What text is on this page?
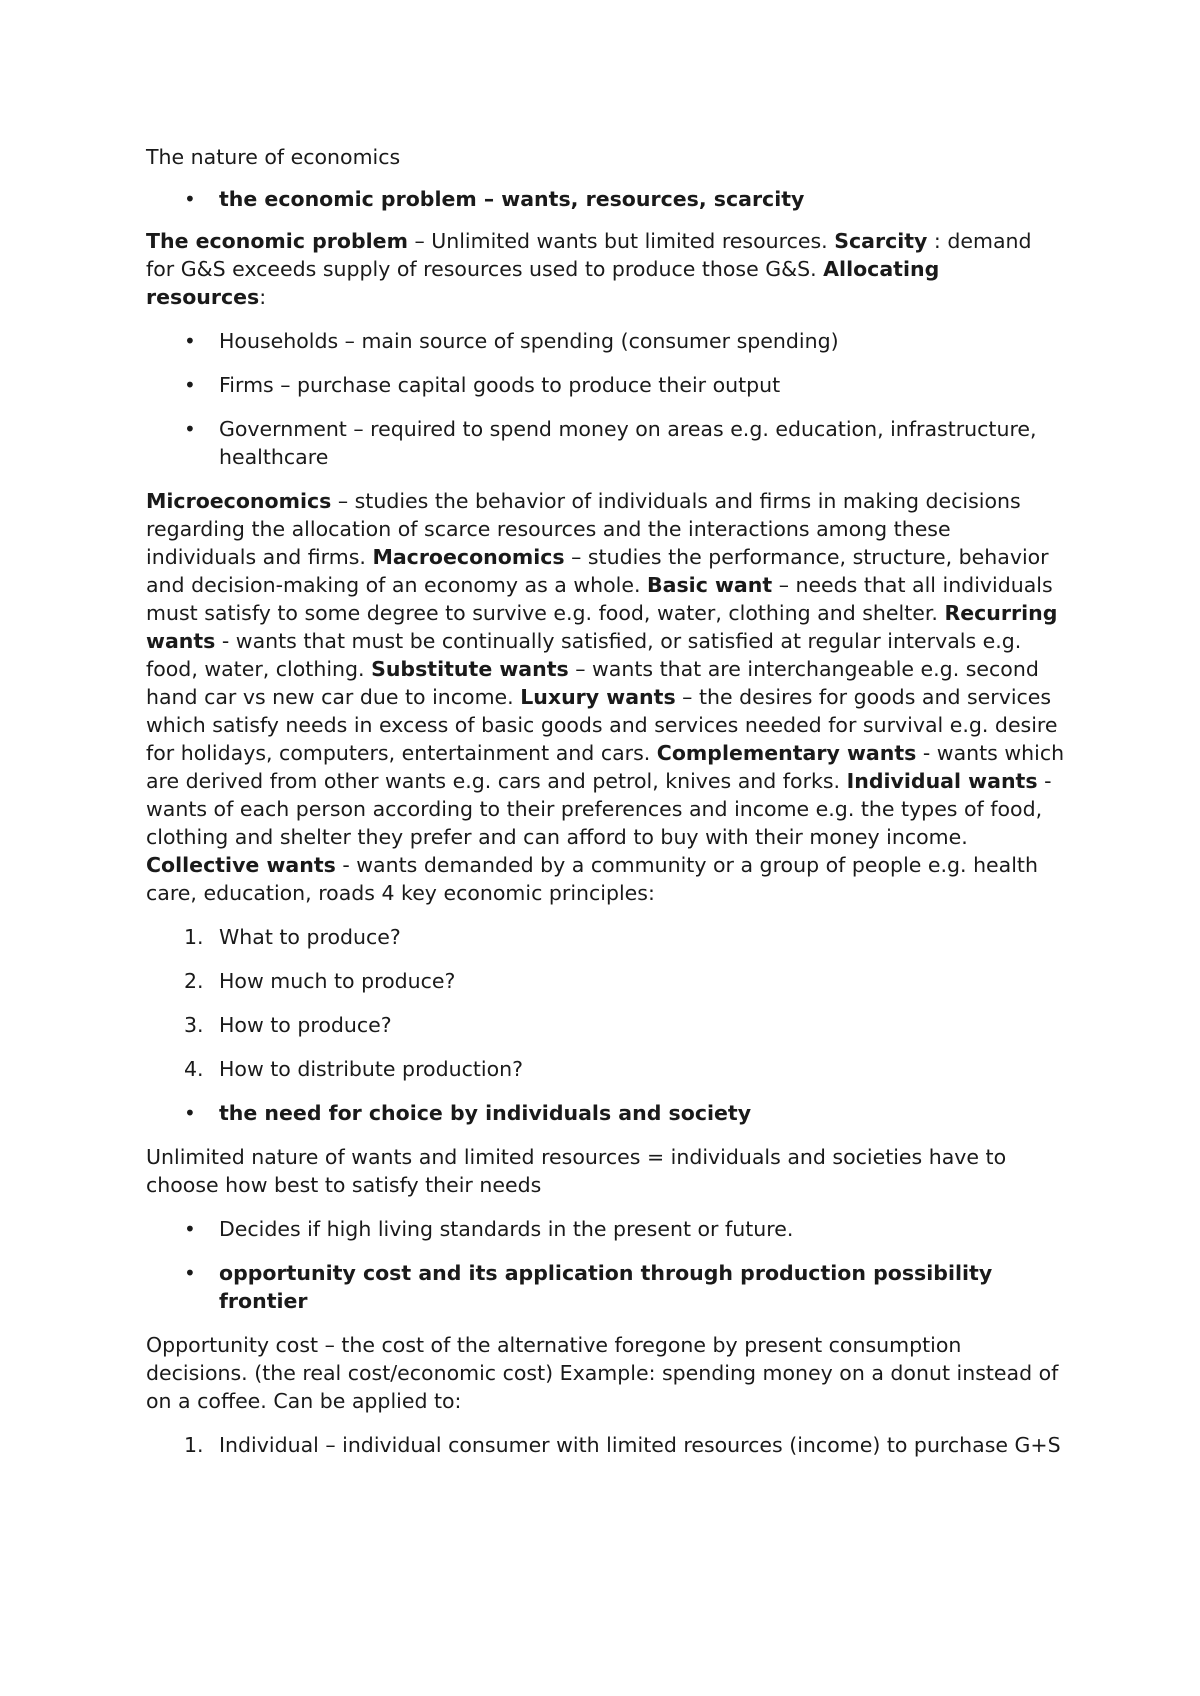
The nature of economics

• the economic problem – wants, resources, scarcity

The economic problem – Unlimited wants but limited resources. Scarcity : demand for G&S exceeds supply of resources used to produce those G&S. Allocating resources:

• Households – main source of spending (consumer spending)
• Firms – purchase capital goods to produce their output
• Government – required to spend money on areas e.g. education, infrastructure, healthcare

Microeconomics – studies the behavior of individuals and firms in making decisions regarding the allocation of scarce resources and the interactions among these individuals and firms. Macroeconomics – studies the performance, structure, behavior and decision-making of an economy as a whole. Basic want – needs that all individuals must satisfy to some degree to survive e.g. food, water, clothing and shelter. Recurring wants - wants that must be continually satisfied, or satisfied at regular intervals e.g. food, water, clothing. Substitute wants – wants that are interchangeable e.g. second hand car vs new car due to income. Luxury wants – the desires for goods and services which satisfy needs in excess of basic goods and services needed for survival e.g. desire for holidays, computers, entertainment and cars. Complementary wants - wants which are derived from other wants e.g. cars and petrol, knives and forks. Individual wants - wants of each person according to their preferences and income e.g. the types of food, clothing and shelter they prefer and can afford to buy with their money income. Collective wants - wants demanded by a community or a group of people e.g. health care, education, roads 4 key economic principles:

1. What to produce?
2. How much to produce?
3. How to produce?
4. How to distribute production?
• the need for choice by individuals and society

Unlimited nature of wants and limited resources = individuals and societies have to choose how best to satisfy their needs

• Decides if high living standards in the present or future.
• opportunity cost and its application through production possibility frontier

Opportunity cost – the cost of the alternative foregone by present consumption decisions. (the real cost/economic cost) Example: spending money on a donut instead of on a coffee. Can be applied to:

1. Individual – individual consumer with limited resources (income) to purchase G+S
